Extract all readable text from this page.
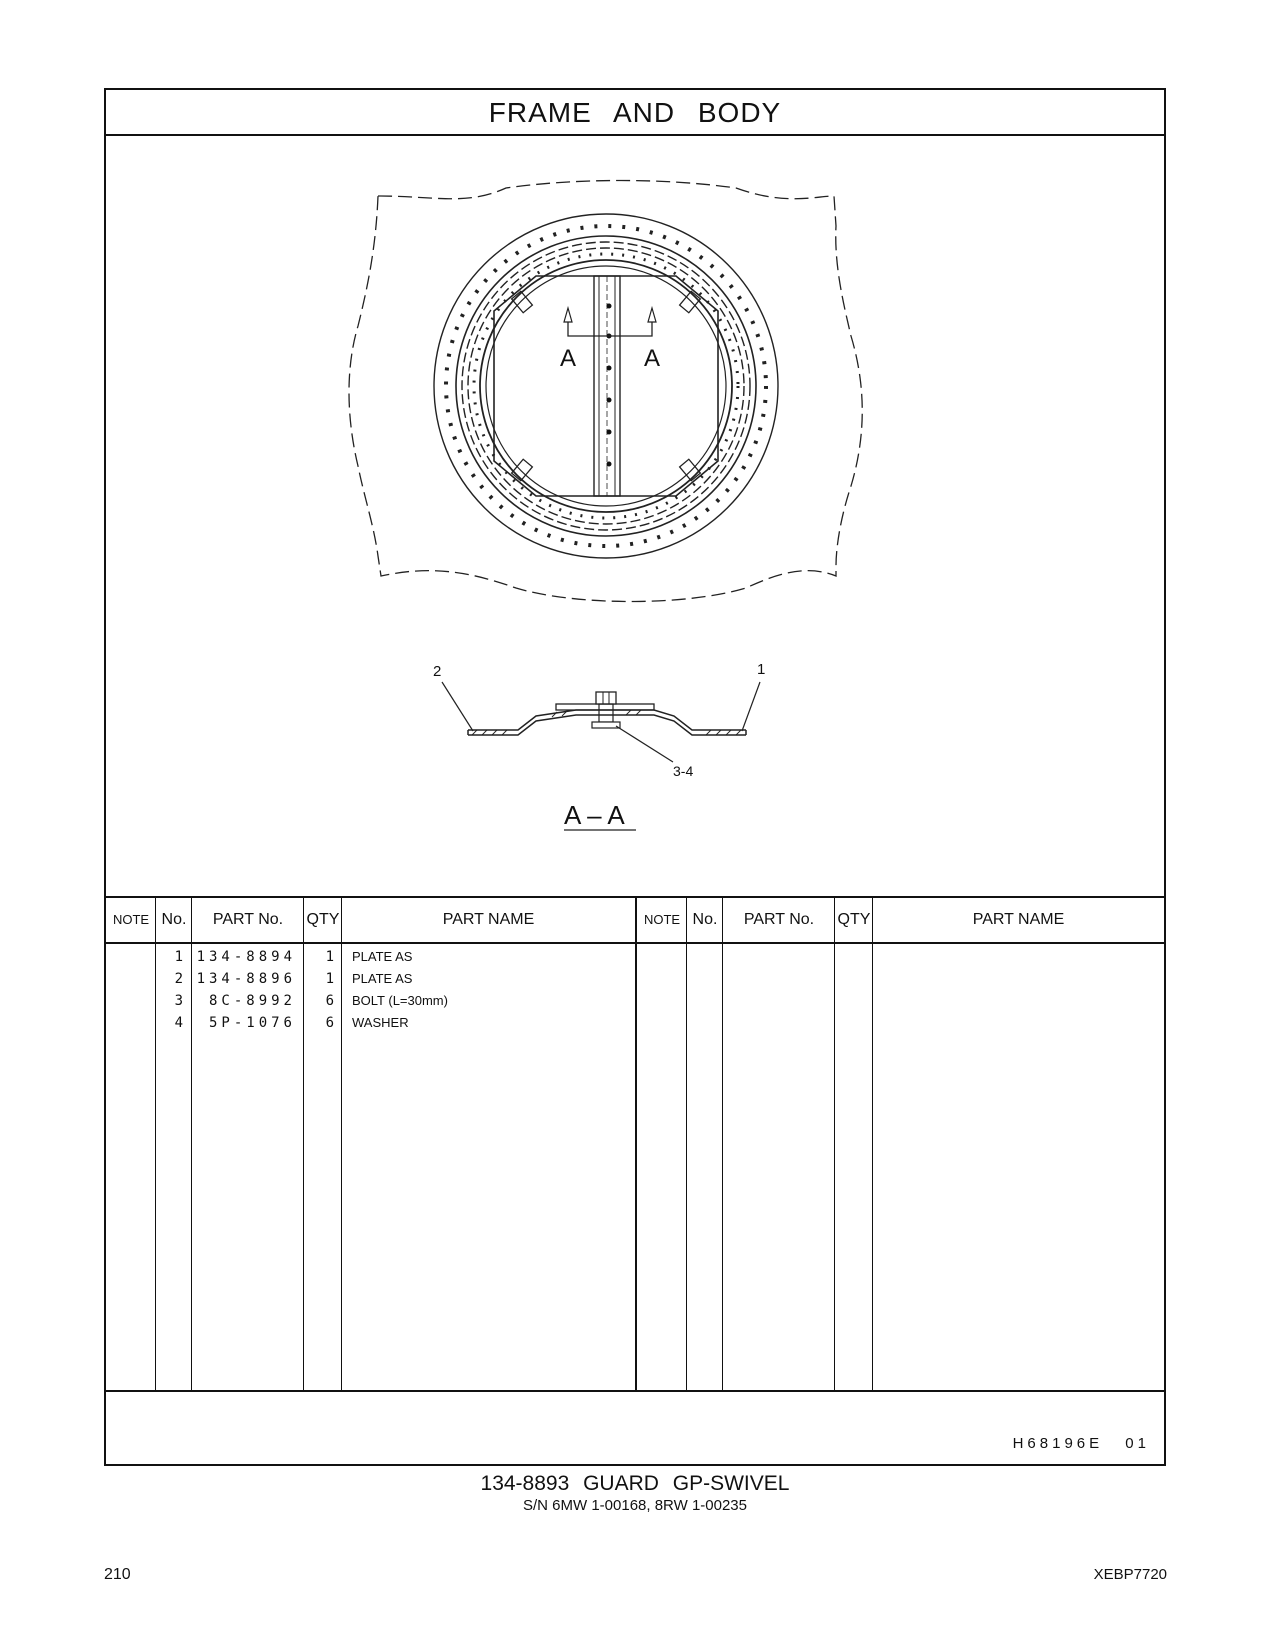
FRAME AND BODY
A	A
2	1
3-4
A – A
NOTE No.	PART No.	QTY	PART NAME
1 134-8894	1 PLATE AS
2 134-8896	1 PLATE AS
3	8C-8992	6 BOLT (L=30mm)
4	5P-1076	6 WASHER
NOTE No.	PART No.	QTY	PART NAME
H68196E 01
134-8893 GUARD GP-SWIVEL
S/N 6MW 1-00168, 8RW 1-00235
210	XEBP7720
